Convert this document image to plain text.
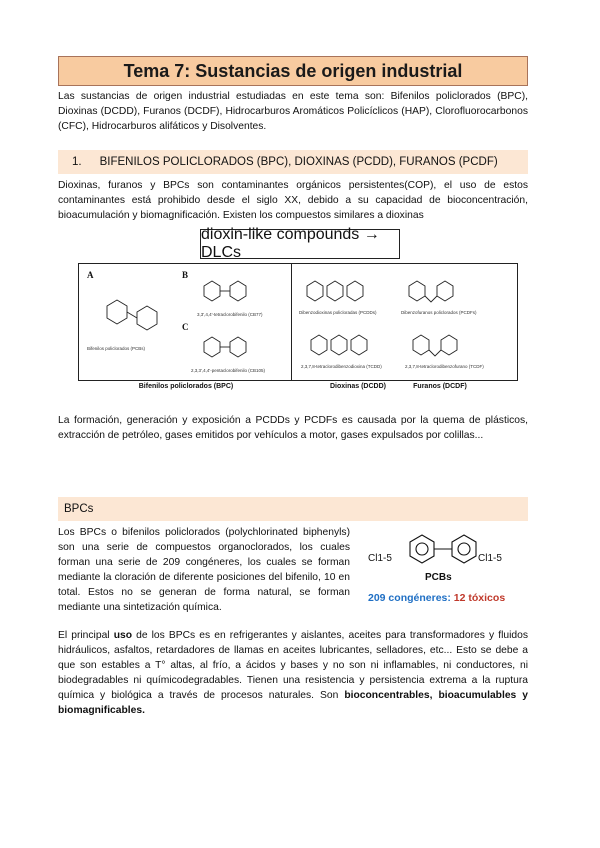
Tema 7: Sustancias de origen industrial

Las sustancias de origen industrial estudiadas en este tema son: Bifenilos policlorados (BPC), Dioxinas (DCDD), Furanos (DCDF), Hidrocarburos Aromáticos Policíclicos (HAP), Clorofluorocarbonos (CFC), Hidrocarburos alifáticos y Disolventes.

1. BIFENILOS POLICLORADOS (BPC), DIOXINAS (PCDD), FURANOS (PCDF)

Dioxinas, furanos y BPCs son contaminantes orgánicos persistentes(COP), el uso de estos contaminantes está prohibido desde el siglo XX, debido a su capacidad de bioconcentración, bioacumulación y biomagnificación. Existen los compuestos similares a dioxinas

dioxin-like compounds → DLCs
A	B
C
Bifenilos policlorados (PCBs)
3,3',4,4'-tetraclorobifenilo (CB77)
2,3,3',4,4'-pentaclorobifenilo (CB105)
Dibenzodioxinas policloradas (PCDDs)	Dibenzofuranos policlorados (PCDFs)
2,3,7,8-tetraclorodibenzodioxina (TCDD)	2,3,7,8-tetraclorodibenzofurano (TCDF)
Bifenilos policlorados (BPC)	Dioxinas (DCDD)	Furanos (DCDF)

La formación, generación y exposición a PCDDs y PCDFs es causada por la quema de plásticos, extracción de petróleo, gases emitidos por vehículos a motor, gases expulsados por colillas...

BPCs

Los BPCs o bifenilos policlorados (polychlorinated biphenyls) son una serie de compuestos organoclorados, los cuales forman una serie de 209 congéneres, los cuales se forman mediante la cloración de diferente posiciones del bifenilo, 10 en total. Estos no se generan de forma natural, se forman mediante una sintetización química.

Cl1-5	Cl1-5
PCBs
209 congéneres: 12 tóxicos

El principal uso de los BPCs es en refrigerantes y aislantes, aceites para transformadores y fluidos hidráulicos, asfaltos, retardadores de llamas en aceites lubricantes, selladores, etc... Esto se debe a que son estables a T° altas, al frío, a ácidos y bases y no son ni inflamables, ni conductores, ni biodegradables ni químicodegradables. Tienen una resistencia y persistencia extrema a la ruptura química y biológica a través de procesos naturales. Son bioconcentrables, bioacumulables y biomagnificables.
